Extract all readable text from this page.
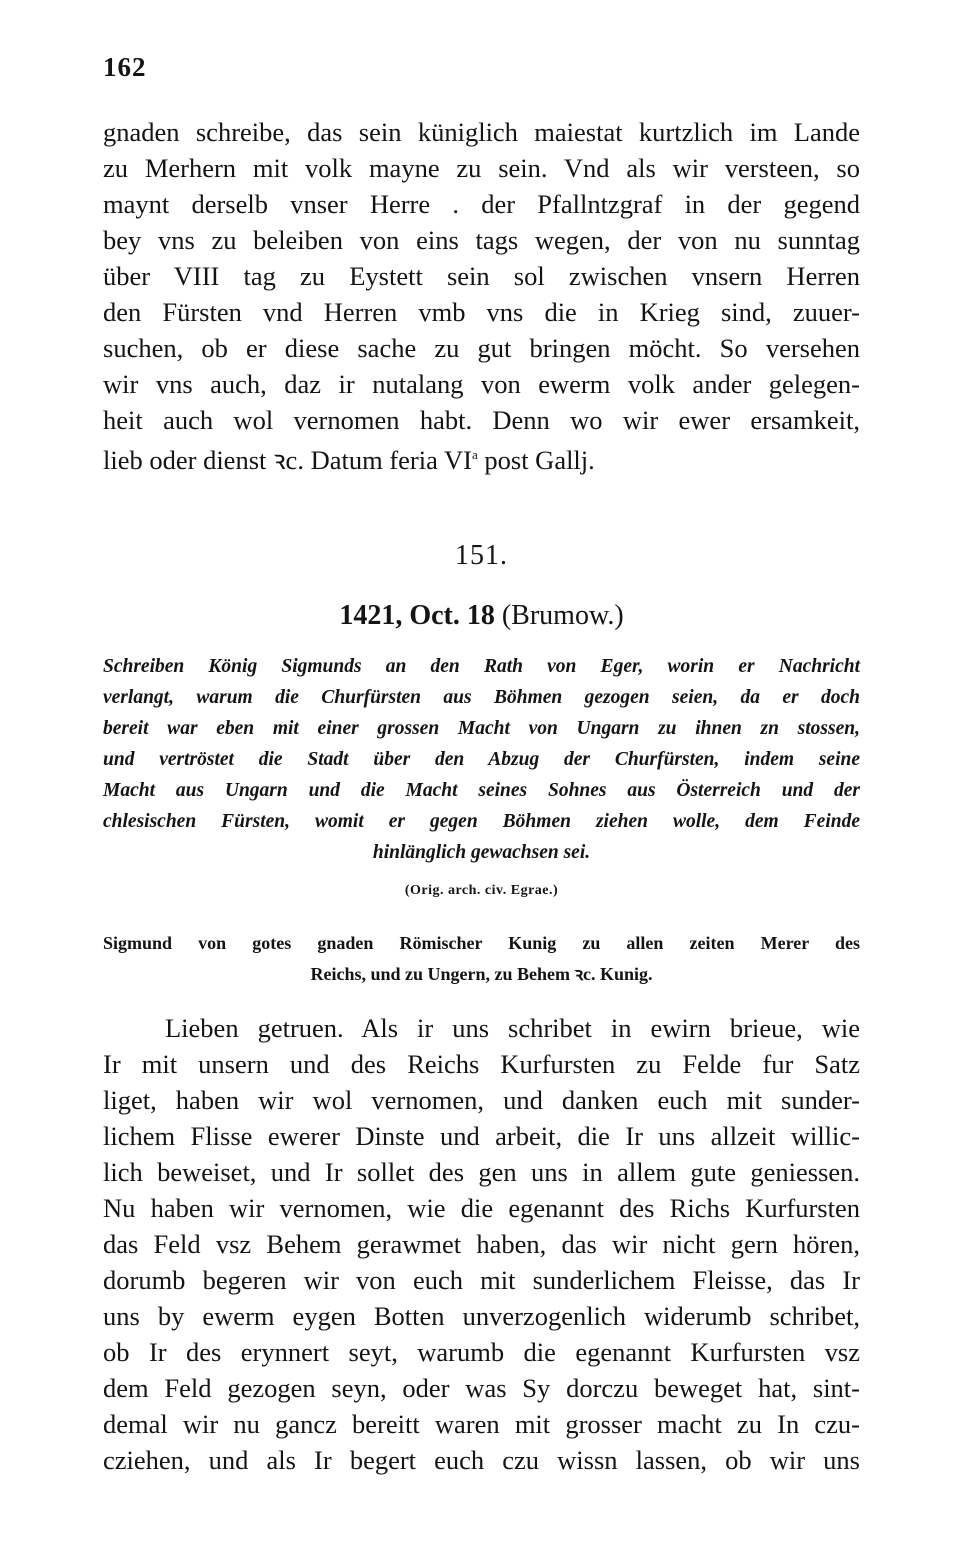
162
gnaden schreibe, das sein küniglich maiestat kurtzlich im Lande
zu Merhern mit volk mayne zu sein. Vnd als wir versteen, so
maynt derselb vnser Herre . der Pfallntzgraf in der gegend
bey vns zu beleiben von eins tags wegen, der von nu sunntag
über VIII tag zu Eystett sein sol zwischen vnsern Herren
den Fürsten vnd Herren vmb vns die in Krieg sind, zuuer-
suchen, ob er diese sache zu gut bringen möcht. So versehen
wir vns auch, daz ir nutalang von ewerm volk ander gelegen-
heit auch wol vernomen habt. Denn wo wir ewer ersamkeit,
lieb oder dienst ꝛc. Datum feria $VI^a$ post Gallj.
151.
1421, Oct. 18 (Brumow.)
Schreiben König Sigmunds an den Rath von Eger, worin er Nachricht
verlangt, warum die Churfürsten aus Böhmen gezogen seien, da er doch
bereit war eben mit einer grossen Macht von Ungarn zu ihnen zn stossen,
und vertröstet die Stadt über den Abzug der Churfürsten, indem seine
Macht aus Ungarn und die Macht seines Sohnes aus Österreich und der
chlesischen Fürsten, womit er gegen Böhmen ziehen wolle, dem Feinde
hinlänglich gewachsen sei.
(Orig. arch. civ. Egrae.)
Sigmund von gotes gnaden Römischer Kunig zu allen zeiten Merer des
Reichs, und zu Ungern, zu Behem ꝛc. Kunig.
Lieben getruen. Als ir uns schribet in ewirn brieue, wie
Ir mit unsern und des Reichs Kurfursten zu Felde fur Satz
liget, haben wir wol vernomen, und danken euch mit sunder-
lichem Flisse ewerer Dinste und arbeit, die Ir uns allzeit willic-
lich beweiset, und Ir sollet des gen uns in allem gute geniessen.
Nu haben wir vernomen, wie die egenannt des Richs Kurfursten
das Feld vsz Behem gerawmet haben, das wir nicht gern hören,
dorumb begeren wir von euch mit sunderlichem Fleisse, das Ir
uns by ewerm eygen Botten unverzogenlich widerumb schribet,
ob Ir des erynnert seyt, warumb die egenannt Kurfursten vsz
dem Feld gezogen seyn, oder was Sy dorczu beweget hat, sint-
demal wir nu gancz bereitt waren mit grosser macht zu In czu-
cziehen, und als Ir begert euch czu wissn lassen, ob wir uns
